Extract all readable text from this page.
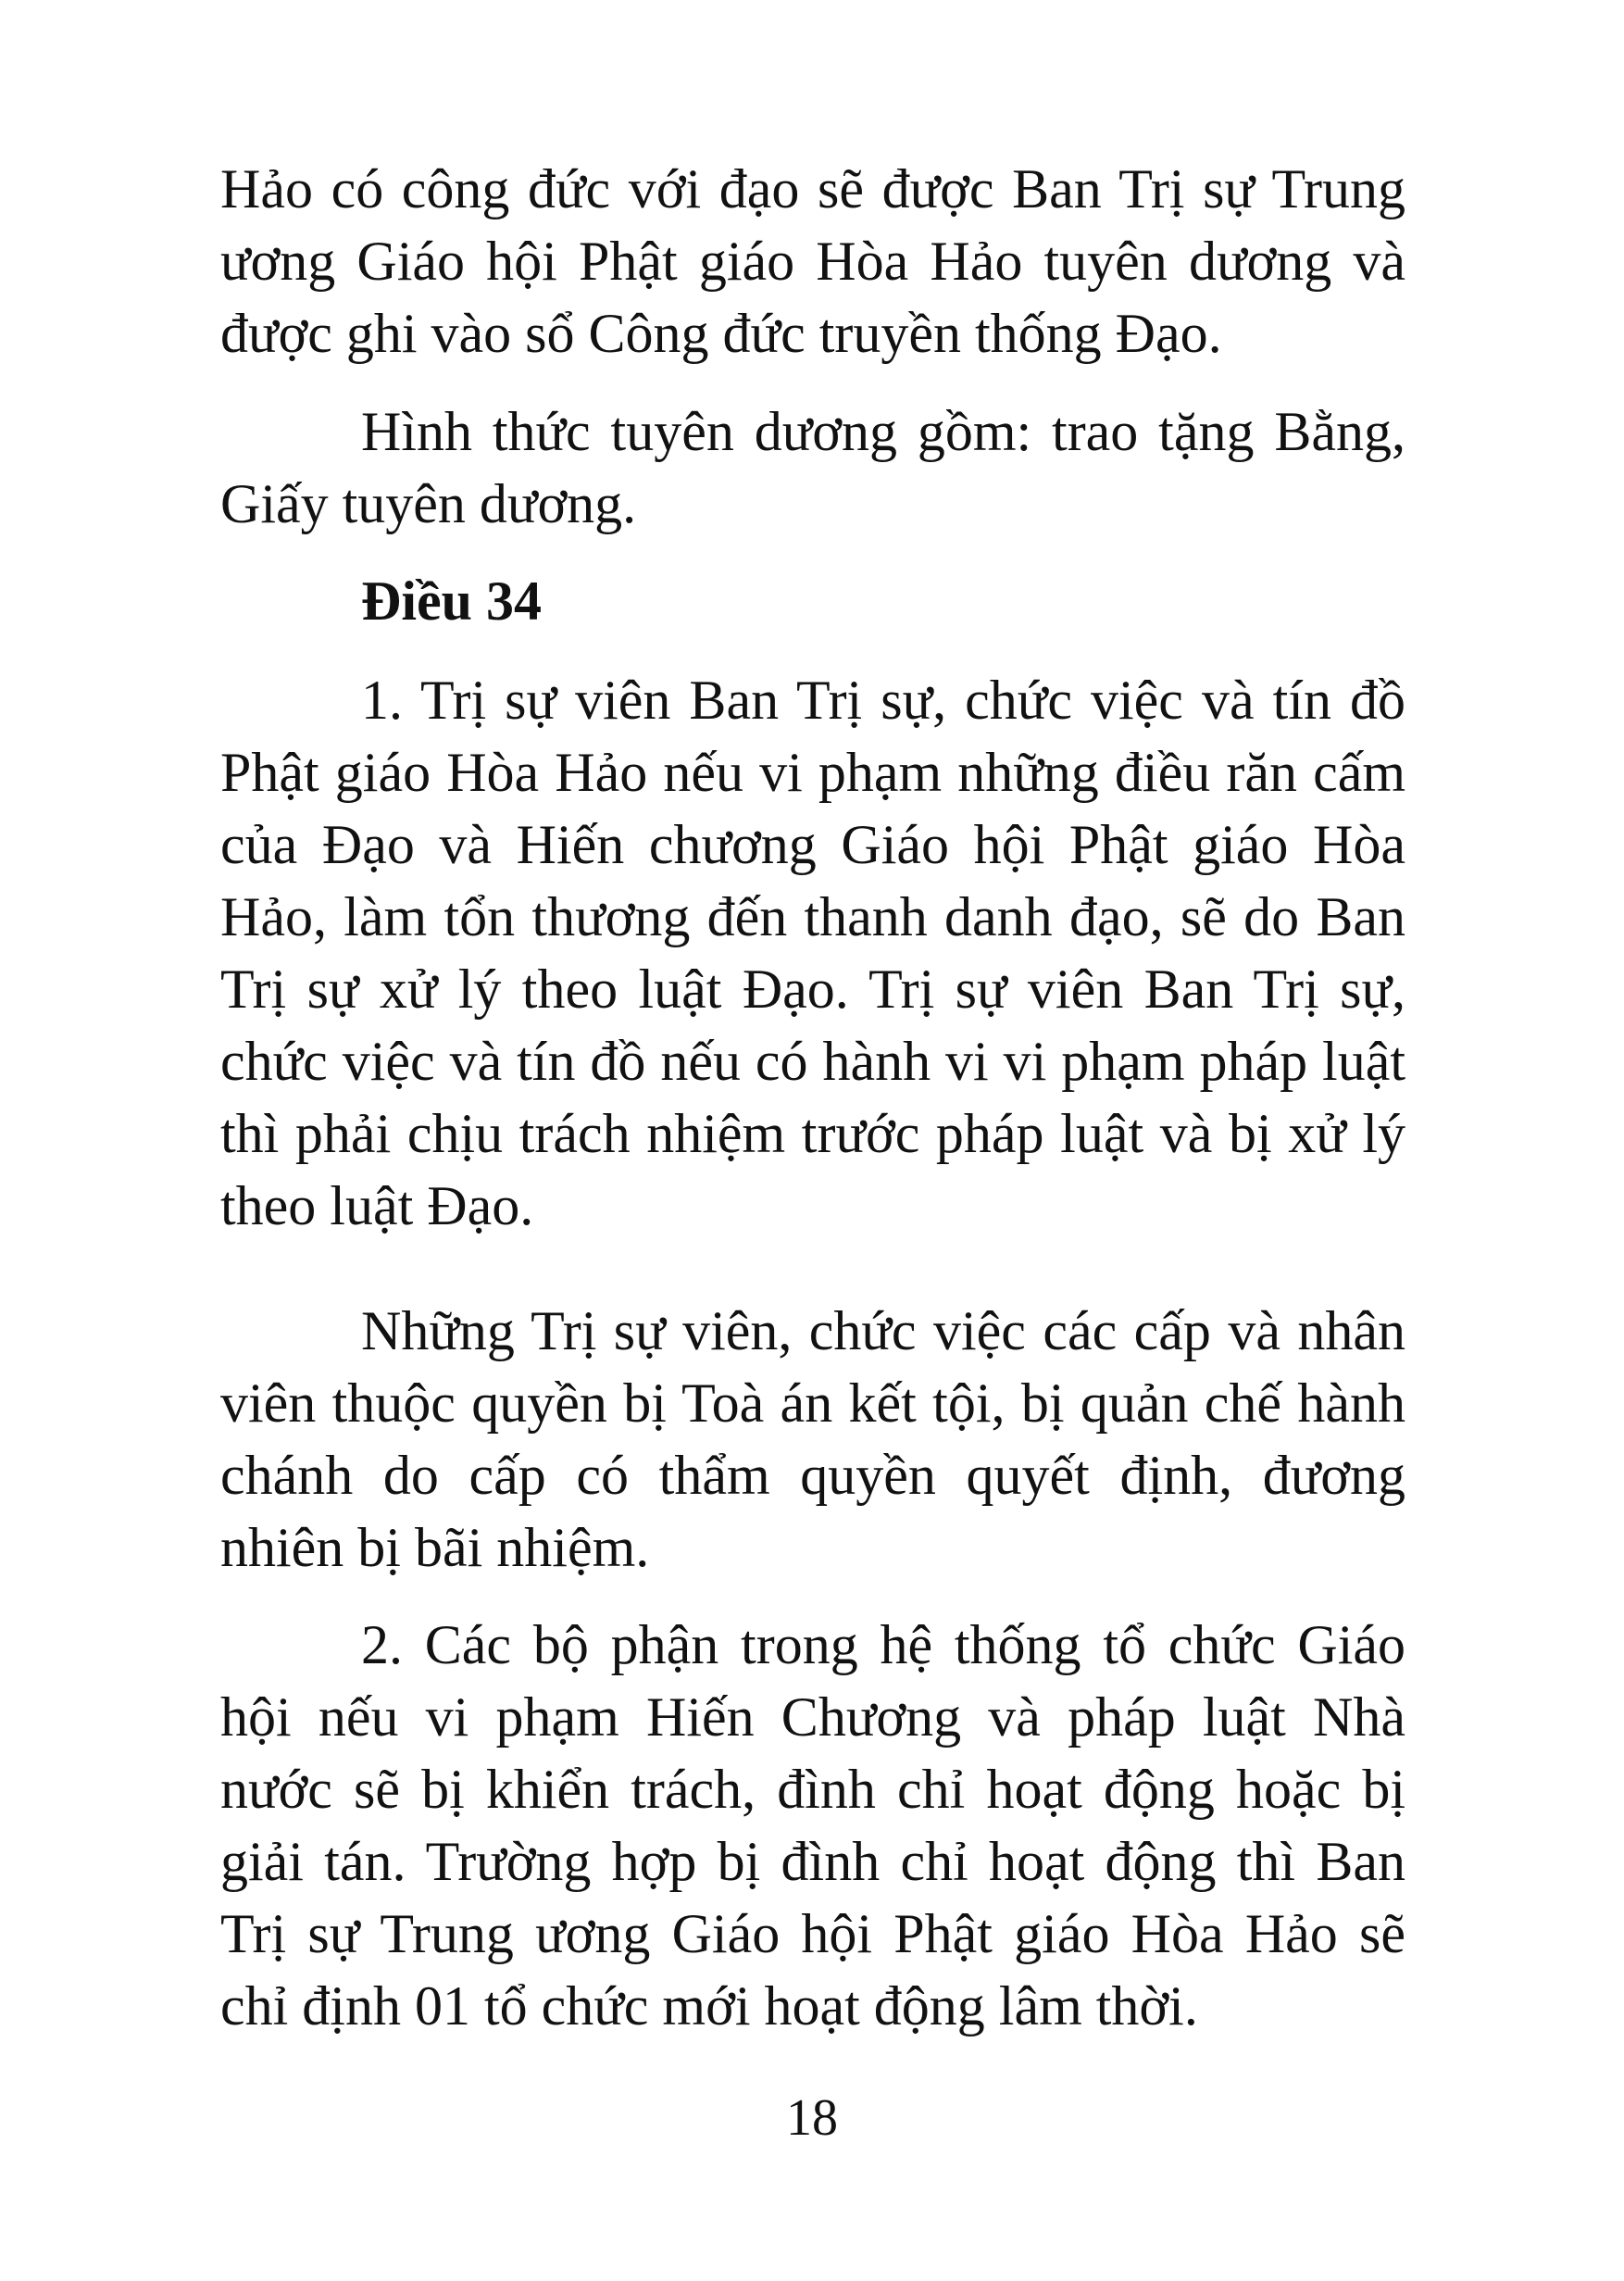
Hảo có công đức với đạo sẽ được Ban Trị sự Trung ương Giáo hội Phật giáo Hòa Hảo tuyên dương và được ghi vào sổ Công đức truyền thống Đạo.

Hình thức tuyên dương gồm: trao tặng Bằng, Giấy tuyên dương.

Điều 34

1. Trị sự viên Ban Trị sự, chức việc và tín đồ Phật giáo Hòa Hảo nếu vi phạm những điều răn cấm của Đạo và Hiến chương Giáo hội Phật giáo Hòa Hảo, làm tổn thương đến thanh danh đạo, sẽ do Ban Trị sự xử lý theo luật Đạo. Trị sự viên Ban Trị sự, chức việc và tín đồ nếu có hành vi vi phạm pháp luật thì phải chịu trách nhiệm trước pháp luật và bị xử lý theo luật Đạo.

Những Trị sự viên, chức việc các cấp và nhân viên thuộc quyền bị Toà án kết tội, bị quản chế hành chánh do cấp có thẩm quyền quyết định, đương nhiên bị bãi nhiệm.

2. Các bộ phận trong hệ thống tổ chức Giáo hội nếu vi phạm Hiến Chương và pháp luật Nhà nước sẽ bị khiển trách, đình chỉ hoạt động hoặc bị giải tán. Trường hợp bị đình chỉ hoạt động thì Ban Trị sự Trung ương Giáo hội Phật giáo Hòa Hảo sẽ chỉ định 01 tổ chức mới hoạt động lâm thời.

18
